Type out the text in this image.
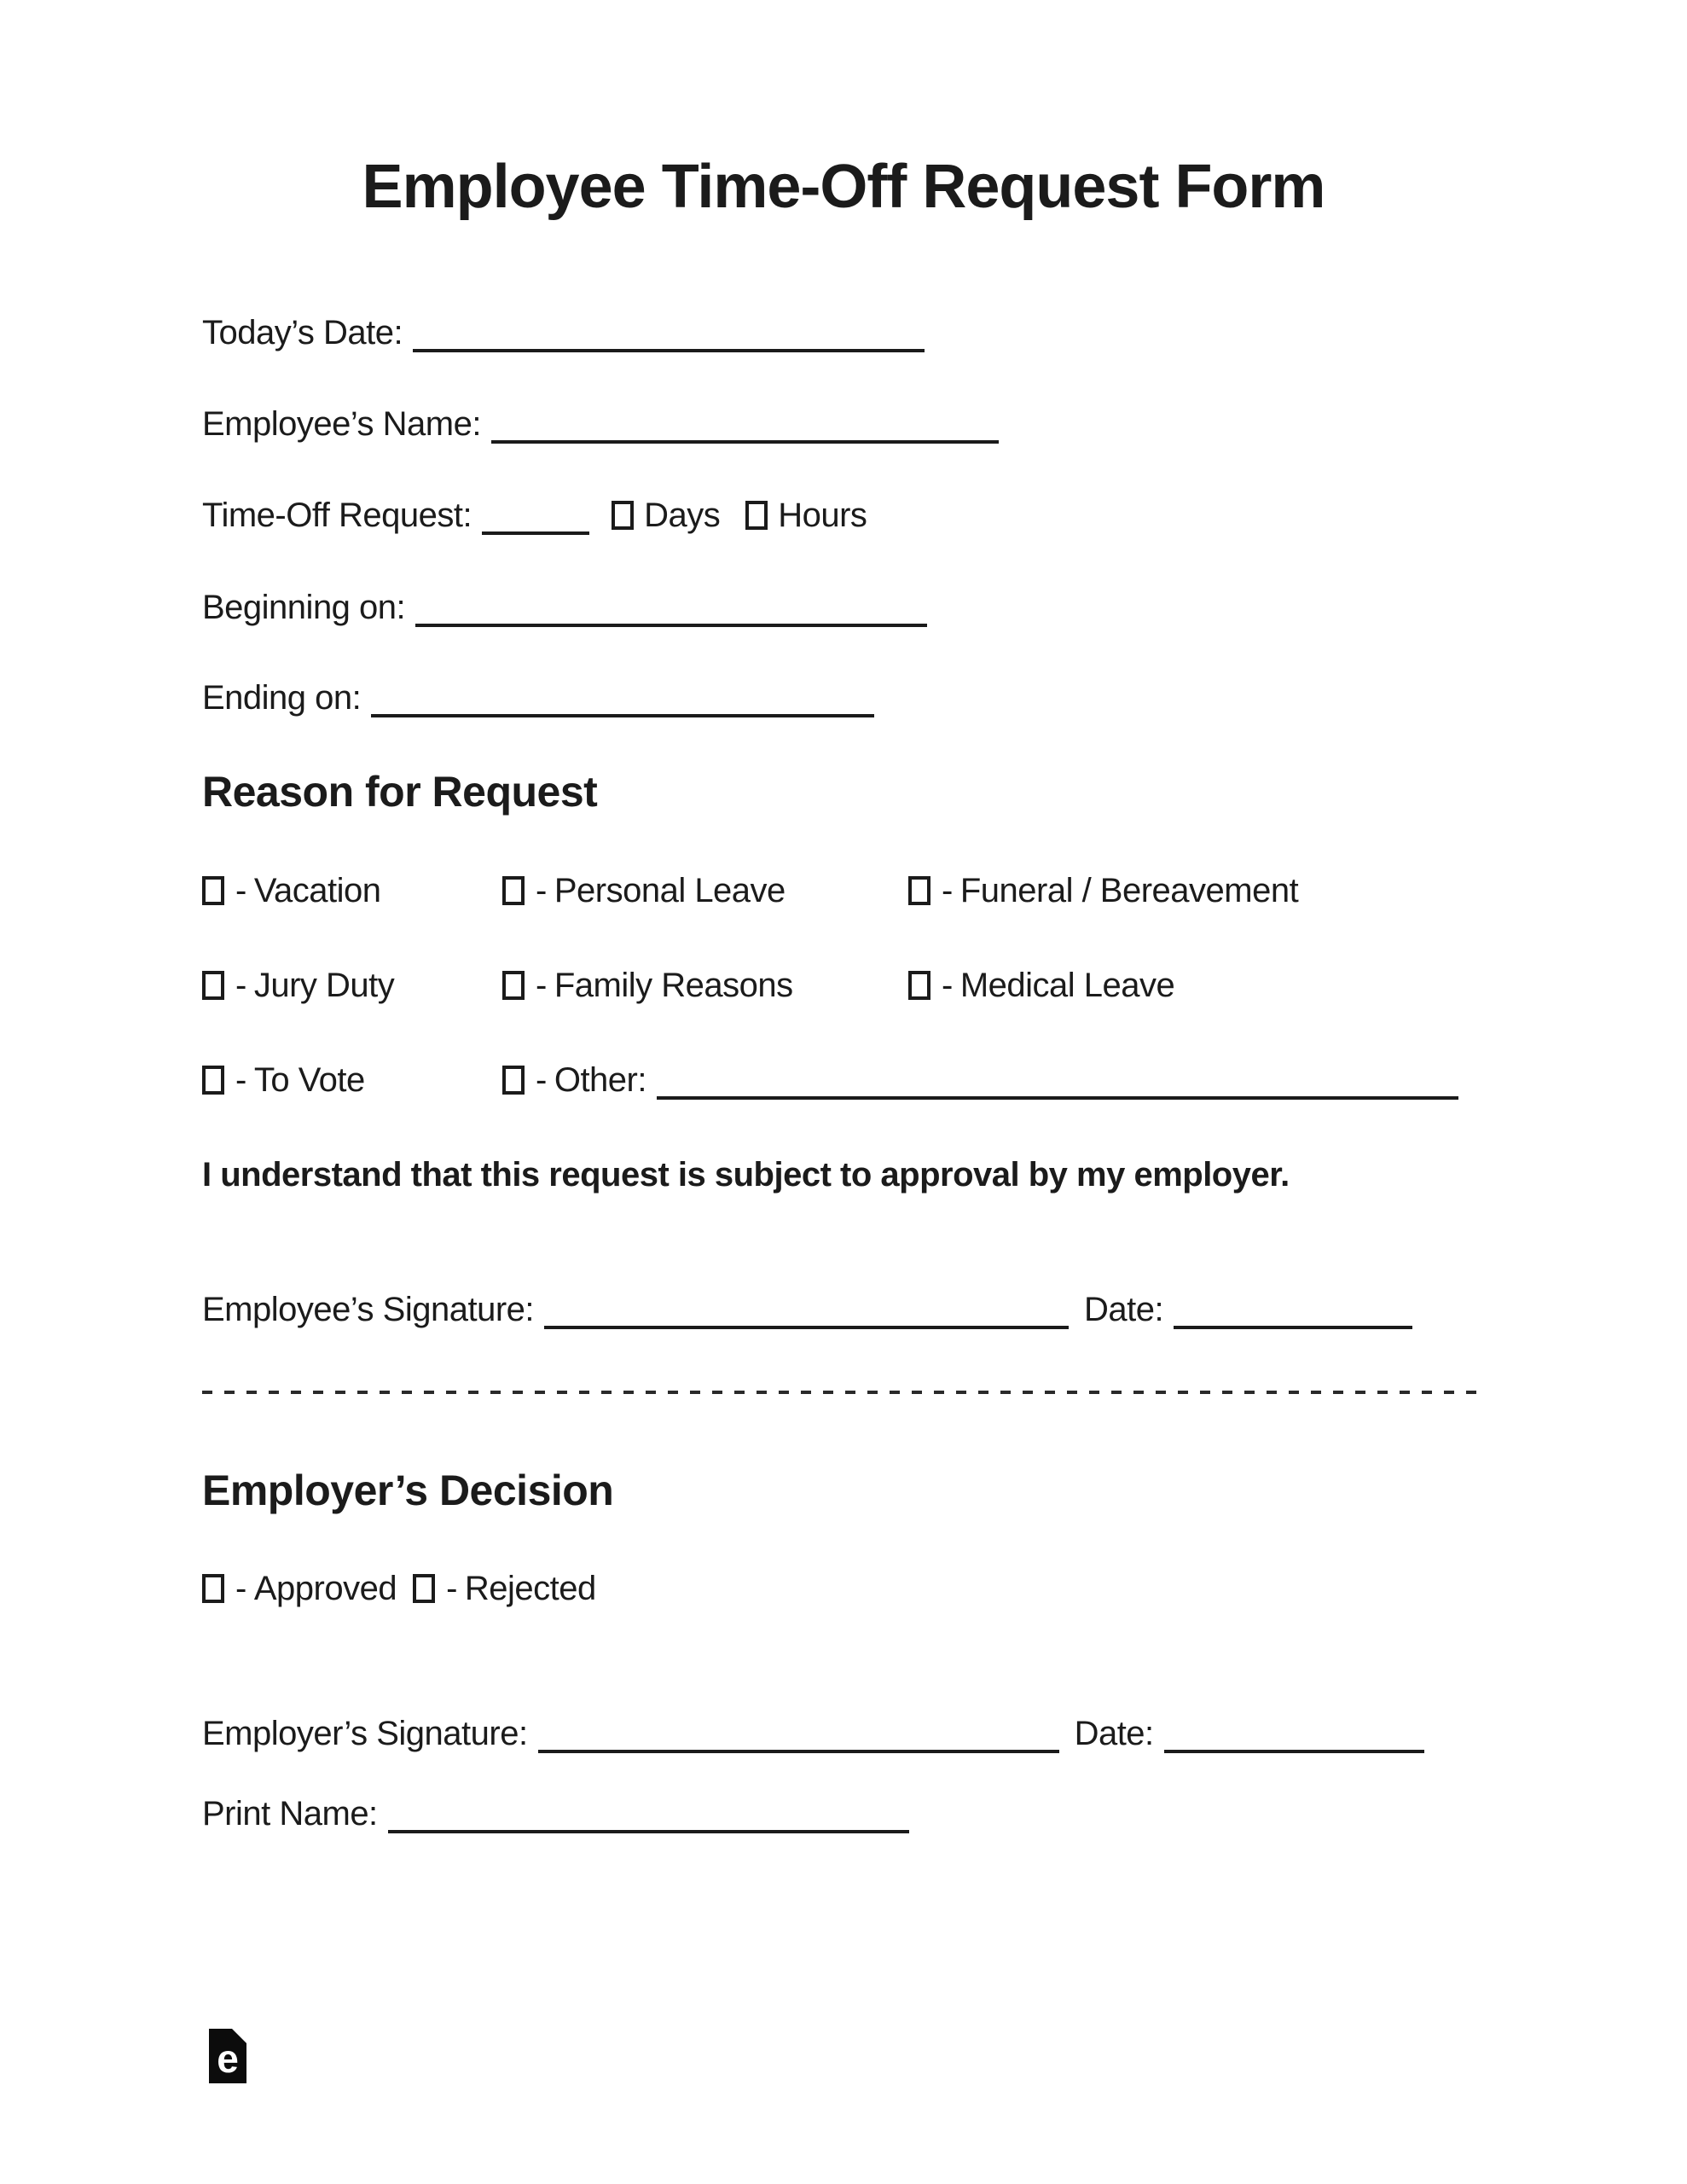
Employee Time-Off Request Form
Today’s Date:
Employee’s Name:
Time-Off Request:	Days Hours
Beginning on:
Ending on:
Reason for Request
- Vacation	- Personal Leave	- Funeral / Bereavement
- Jury Duty	- Family Reasons	- Medical Leave
- To Vote	- Other:
I understand that this request is subject to approval by my employer.
Employee’s Signature:	Date:
Employer’s Decision
- Approved - Rejected
Employer’s Signature:	Date:
Print Name:
e
